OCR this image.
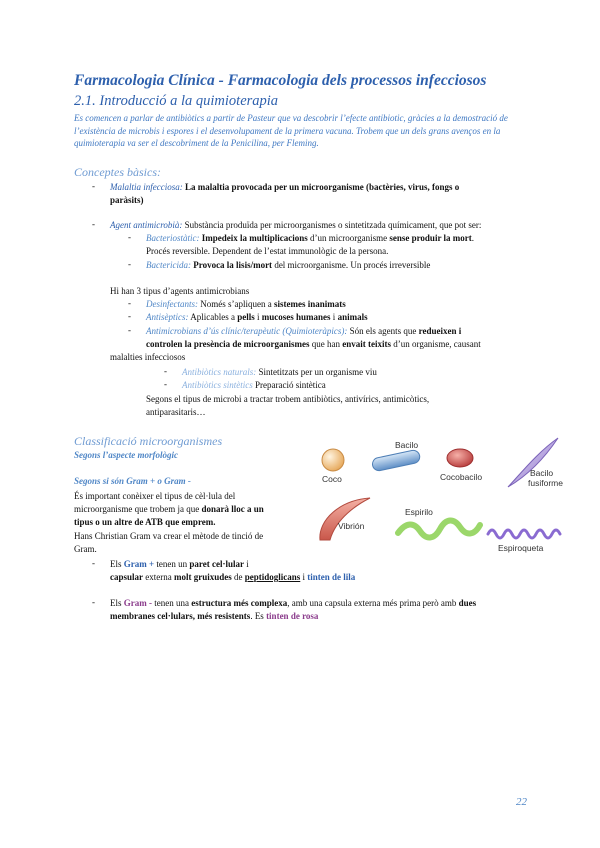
Farmacologia Clínica - Farmacologia dels processos infecciosos
2.1. Introducció a la quimioterapia
Es comencen a parlar de antibiòtics a partir de Pasteur que va descobrir l’efecte antibiotic, gràcies a la demostració de l’existència de microbis i espores i el desenvolupament de la primera vacuna. Trobem que un dels grans avenços en la quimioterapia va ser el descobriment de la Penicilina, per Fleming.
Conceptes bàsics:
- Malaltia infecciosa: La malaltia provocada per un microorganisme (bactèries, virus, fongs o
paràsits)
- Agent antimicrobià: Substància produïda per microorganismes o sintetitzada químicament, que pot ser:
- Bacteriostàtic: Impedeix la multiplicacions d’un microorganisme sense produir la mort.
Procés reversible. Dependent de l’estat immunològic de la persona.
- Bactericida: Provoca la lisis/mort del microorganisme. Un procés irreversible
Hi han 3 tipus d’agents antimicrobians
- Desinfectants: Només s’apliquen a sistemes inanimats
- Antisèptics: Aplicables a pells i mucoses humanes i animals
- Antimicrobians d’ús clínic/terapèutic (Quimioteràpics): Són els agents que redueixen i
controlen la presència de microorganismes que han envait teixits d’un organisme, causant
malalties infecciosos
- Antibiòtics naturals: Sintetitzats per un organisme viu
- Antibiòtics sintètics Preparació sintètica
Segons el tipus de microbi a tractar trobem antibiòtics, antivírics, antimicòtics,
antiparasitaris…
Classificació microorganismes
Segons l’aspecte morfològic
Segons si són Gram + o Gram -
És important conèixer el tipus de cèl·lula del
microorganisme que trobem ja que donarà lloc a un
tipus o un altre de ATB que emprem.
Hans Christian Gram va crear el mètode de tinció de
Gram.
- Els Gram + tenen un paret cel·lular i
capsular externa molt gruixudes de peptidoglicans i tinten de lila
- Els Gram - tenen una estructura més complexa, amb una capsula externa més prima però amb dues
membranes cel·lulars, més resistents. Es tinten de rosa
Coco
Bacilo
Cocobacilo	Bacilo
fusiforme
Vibrión
Espirilo
Espiroqueta
22
